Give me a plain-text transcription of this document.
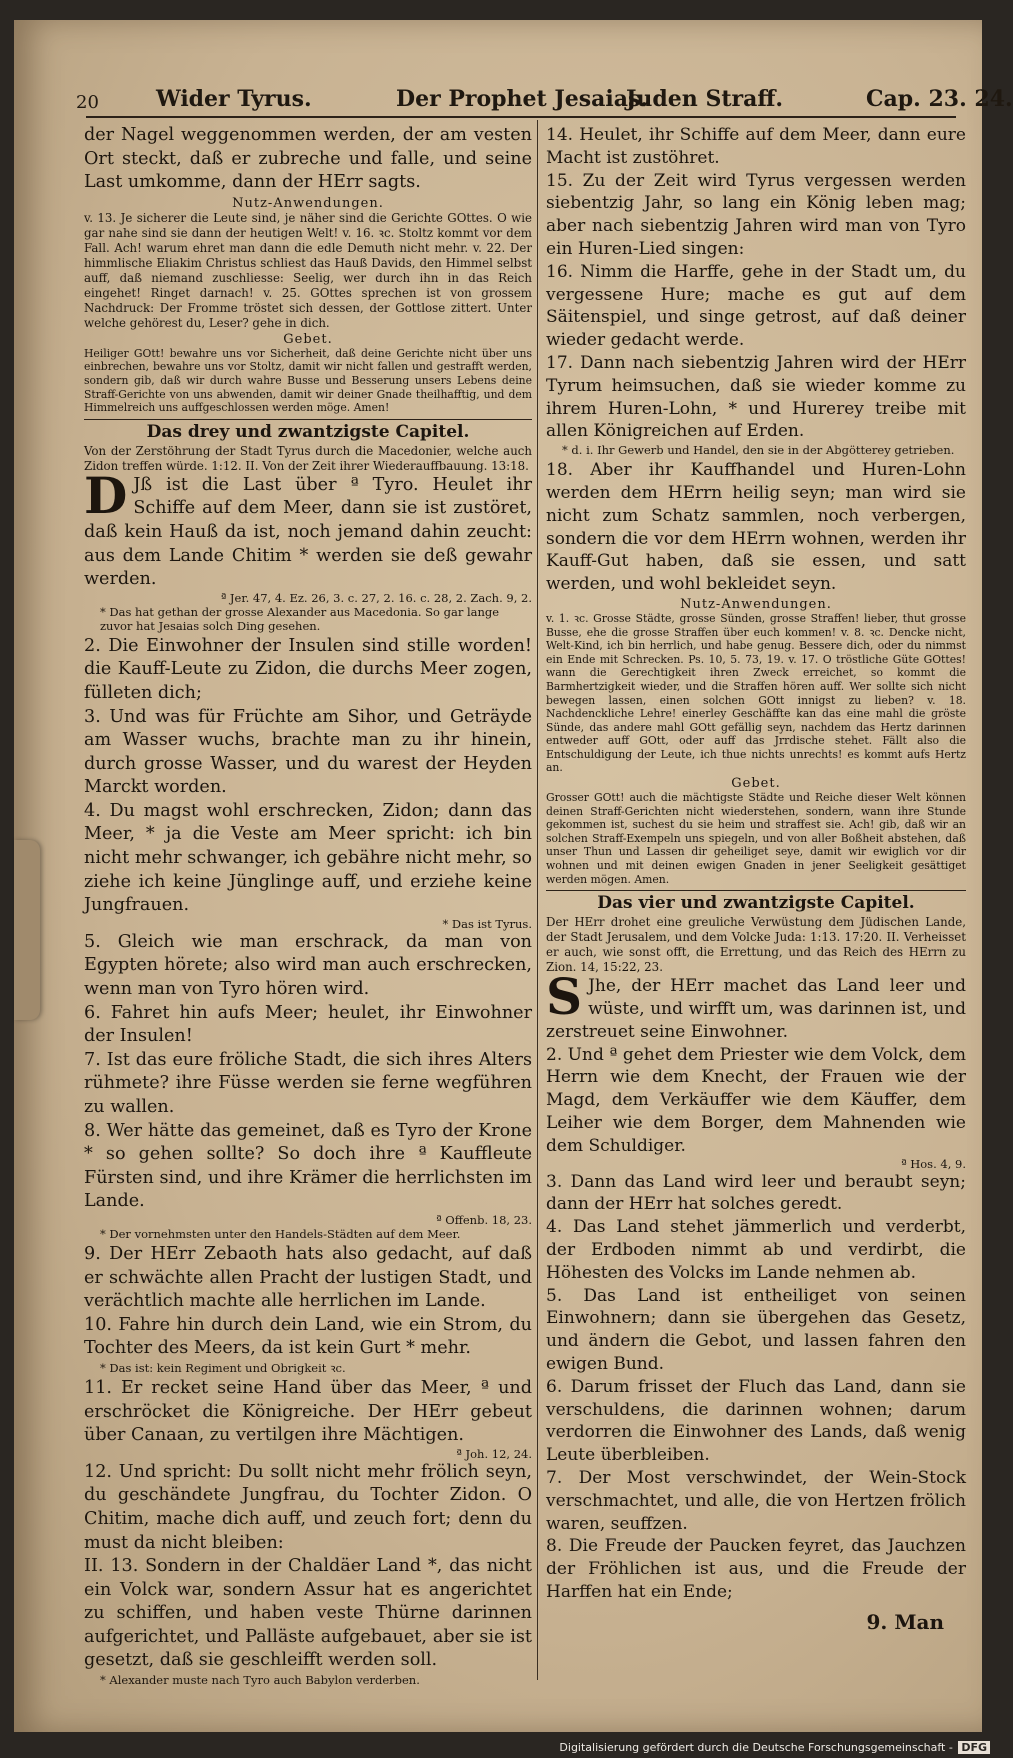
20	Wider Tyrus.	Der Prophet Jesaias.
Juden Straff.	Cap. 23. 24.

der Nagel weggenommen werden, der am vesten Ort steckt, daß er zubreche und falle, und seine Last umkomme, dann der HErr sagts.

Nutz-Anwendungen.

v. 13. Je sicherer die Leute sind, je näher sind die Gerichte GOttes. O wie gar nahe sind sie dann der heutigen Welt! v. 16. ꝛc. Stoltz kommt vor dem Fall. Ach! warum ehret man dann die edle Demuth nicht mehr. v. 22. Der himmlische Eliakim Christus schliest das Hauß Davids, den Himmel selbst auff, daß niemand zuschliesse: Seelig, wer durch ihn in das Reich eingehet! Ringet darnach! v. 25. GOttes sprechen ist von grossem Nachdruck: Der Fromme tröstet sich dessen, der Gottlose zittert. Unter welche gehörest du, Leser? gehe in dich.

Gebet.

Heiliger GOtt! bewahre uns vor Sicherheit, daß deine Gerichte nicht über uns einbrechen, bewahre uns vor Stoltz, damit wir nicht fallen und gestrafft werden, sondern gib, daß wir durch wahre Busse und Besserung unsers Lebens deine Straff-Gerichte von uns abwenden, damit wir deiner Gnade theilhafftig, und dem Himmelreich uns auffgeschlossen werden möge. Amen!

Das drey und zwantzigste Capitel.

Von der Zerstöhrung der Stadt Tyrus durch die Macedonier, welche auch Zidon treffen würde. 1:12. II. Von der Zeit ihrer Wiederauffbauung. 13:18.

D Jß ist die Last über ª Tyro. Heulet ihr Schiffe auf dem Meer, dann sie ist zustöret, daß kein Hauß da ist, noch jemand dahin zeucht: aus dem Lande Chitim * werden sie deß gewahr werden.

ª Jer. 47, 4. Ez. 26, 3. c. 27, 2. 16. c. 28, 2. Zach. 9, 2.

* Das hat gethan der grosse Alexander aus Macedonia. So gar lange zuvor hat Jesaias solch Ding gesehen.

2. Die Einwohner der Insulen sind stille worden! die Kauff-Leute zu Zidon, die durchs Meer zogen, fülleten dich;

3. Und was für Früchte am Sihor, und Geträyde am Wasser wuchs, brachte man zu ihr hinein, durch grosse Wasser, und du warest der Heyden Marckt worden.

4. Du magst wohl erschrecken, Zidon; dann das Meer, * ja die Veste am Meer spricht: ich bin nicht mehr schwanger, ich gebähre nicht mehr, so ziehe ich keine Jünglinge auff, und erziehe keine Jungfrauen.

* Das ist Tyrus.

5. Gleich wie man erschrack, da man von Egypten hörete; also wird man auch erschrecken, wenn man von Tyro hören wird.

6. Fahret hin aufs Meer; heulet, ihr Einwohner der Insulen!

7. Ist das eure fröliche Stadt, die sich ihres Alters rühmete? ihre Füsse werden sie ferne wegführen zu wallen.

8. Wer hätte das gemeinet, daß es Tyro der Krone * so gehen sollte? So doch ihre ª Kauffleute Fürsten sind, und ihre Krämer die herrlichsten im Lande.

ª Offenb. 18, 23.

* Der vornehmsten unter den Handels-Städten auf dem Meer.

9. Der HErr Zebaoth hats also gedacht, auf daß er schwächte allen Pracht der lustigen Stadt, und verächtlich machte alle herrlichen im Lande.

10. Fahre hin durch dein Land, wie ein Strom, du Tochter des Meers, da ist kein Gurt * mehr.

* Das ist: kein Regiment und Obrigkeit ꝛc.

11. Er recket seine Hand über das Meer, ª und erschröcket die Königreiche. Der HErr gebeut über Canaan, zu vertilgen ihre Mächtigen.

ª Joh. 12, 24.

12. Und spricht: Du sollt nicht mehr frölich seyn, du geschändete Jungfrau, du Tochter Zidon. O Chitim, mache dich auff, und zeuch fort; denn du must da nicht bleiben:

II. 13. Sondern in der Chaldäer Land *, das nicht ein Volck war, sondern Assur hat es angerichtet zu schiffen, und haben veste Thürne darinnen aufgerichtet, und Palläste aufgebauet, aber sie ist gesetzt, daß sie geschleifft werden soll.

* Alexander muste nach Tyro auch Babylon verderben.

14. Heulet, ihr Schiffe auf dem Meer, dann eure Macht ist zustöhret.

15. Zu der Zeit wird Tyrus vergessen werden siebentzig Jahr, so lang ein König leben mag; aber nach siebentzig Jahren wird man von Tyro ein Huren-Lied singen:

16. Nimm die Harffe, gehe in der Stadt um, du vergessene Hure; mache es gut auf dem Säitenspiel, und singe getrost, auf daß deiner wieder gedacht werde.

17. Dann nach siebentzig Jahren wird der HErr Tyrum heimsuchen, daß sie wieder komme zu ihrem Huren-Lohn, * und Hurerey treibe mit allen Königreichen auf Erden.

* d. i. Ihr Gewerb und Handel, den sie in der Abgötterey getrieben.

18. Aber ihr Kauffhandel und Huren-Lohn werden dem HErrn heilig seyn; man wird sie nicht zum Schatz sammlen, noch verbergen, sondern die vor dem HErrn wohnen, werden ihr Kauff-Gut haben, daß sie essen, und satt werden, und wohl bekleidet seyn.

Nutz-Anwendungen.

v. 1. ꝛc. Grosse Städte, grosse Sünden, grosse Straffen! lieber, thut grosse Busse, ehe die grosse Straffen über euch kommen! v. 8. ꝛc. Dencke nicht, Welt-Kind, ich bin herrlich, und habe genug. Bessere dich, oder du nimmst ein Ende mit Schrecken. Ps. 10, 5. 73, 19. v. 17. O tröstliche Güte GOttes! wann die Gerechtigkeit ihren Zweck erreichet, so kommt die Barmhertzigkeit wieder, und die Straffen hören auff. Wer sollte sich nicht bewegen lassen, einen solchen GOtt innigst zu lieben? v. 18. Nachdenckliche Lehre! einerley Geschäffte kan das eine mahl die gröste Sünde, das andere mahl GOtt gefällig seyn, nachdem das Hertz darinnen entweder auff GOtt, oder auff das Jrrdische stehet. Fällt also die Entschuldigung der Leute, ich thue nichts unrechts! es kommt aufs Hertz an.

Gebet.

Grosser GOtt! auch die mächtigste Städte und Reiche dieser Welt können deinen Straff-Gerichten nicht wiederstehen, sondern, wann ihre Stunde gekommen ist, suchest du sie heim und straffest sie. Ach! gib, daß wir an solchen Straff-Exempeln uns spiegeln, und von aller Boßheit abstehen, daß unser Thun und Lassen dir geheiliget seye, damit wir ewiglich vor dir wohnen und mit deinen ewigen Gnaden in jener Seeligkeit gesättiget werden mögen. Amen.

Das vier und zwantzigste Capitel.

Der HErr drohet eine greuliche Verwüstung dem Jüdischen Lande, der Stadt Jerusalem, und dem Volcke Juda: 1:13. 17:20. II. Verheisset er auch, wie sonst offt, die Errettung, und das Reich des HErrn zu Zion. 14, 15:22, 23.

S Jhe, der HErr machet das Land leer und wüste, und wirfft um, was darinnen ist, und zerstreuet seine Einwohner.

2. Und ª gehet dem Priester wie dem Volck, dem Herrn wie dem Knecht, der Frauen wie der Magd, dem Verkäuffer wie dem Käuffer, dem Leiher wie dem Borger, dem Mahnenden wie dem Schuldiger.

ª Hos. 4, 9.

3. Dann das Land wird leer und beraubt seyn; dann der HErr hat solches geredt.

4. Das Land stehet jämmerlich und verderbt, der Erdboden nimmt ab und verdirbt, die Höhesten des Volcks im Lande nehmen ab.

5. Das Land ist entheiliget von seinen Einwohnern; dann sie übergehen das Gesetz, und ändern die Gebot, und lassen fahren den ewigen Bund.

6. Darum frisset der Fluch das Land, dann sie verschuldens, die darinnen wohnen; darum verdorren die Einwohner des Lands, daß wenig Leute überbleiben.

7. Der Most verschwindet, der Wein-Stock verschmachtet, und alle, die von Hertzen frölich waren, seuffzen.

8. Die Freude der Paucken feyret, das Jauchzen der Fröhlichen ist aus, und die Freude der Harffen hat ein Ende;

9. Man
Digitalisierung gefördert durch die Deutsche Forschungsgemeinschaft - DFG
